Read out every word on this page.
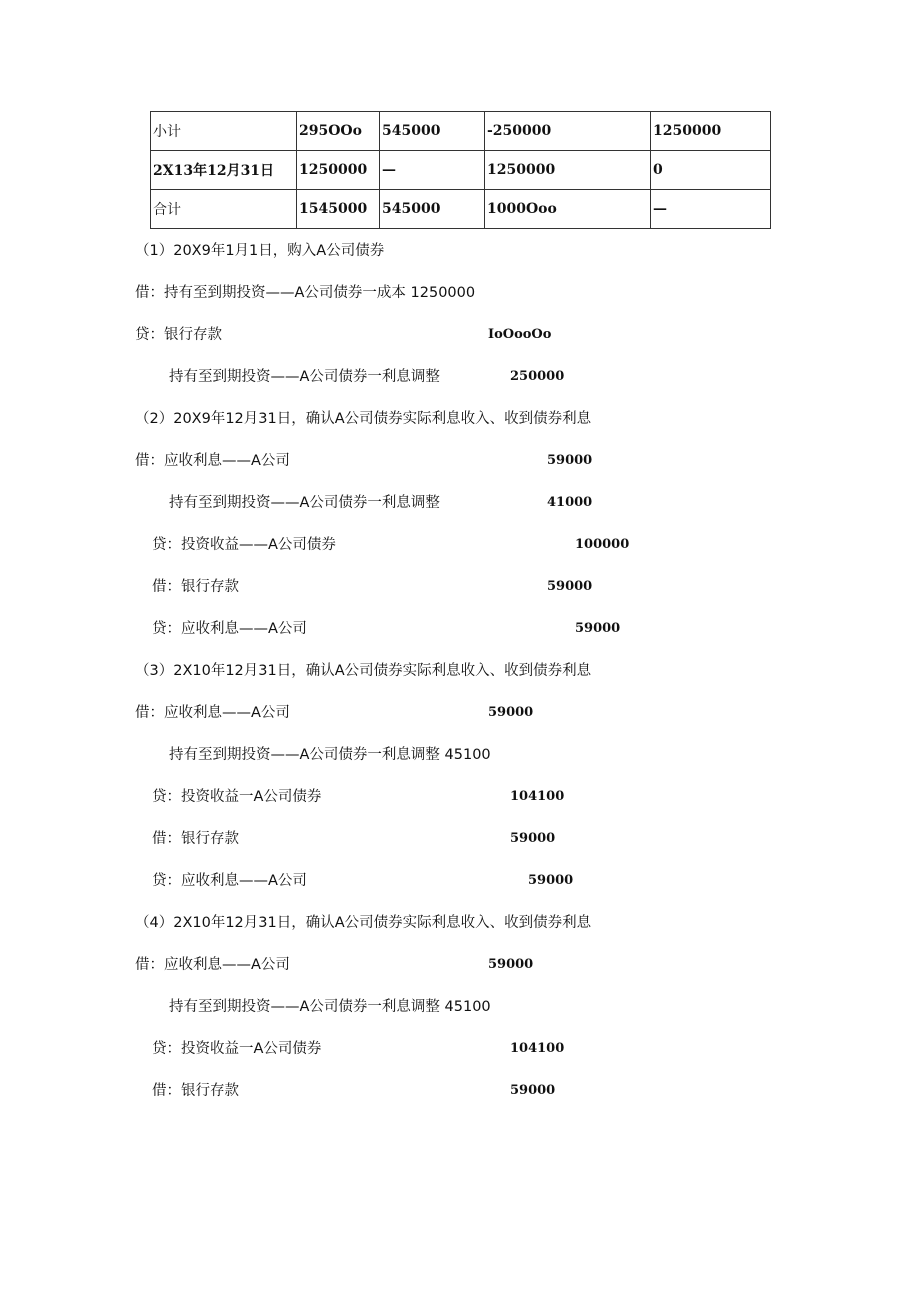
小计	295OOo	545000	-250000	1250000
2X13年12月31日	1250000	—	1250000	0
合计	1545000	545000	1000Ooo	—
（1）20X9年1月1日，购入A公司债券
借：持有至到期投资——A公司债券一成本 1250000
贷：银行存款	IoOooOo
持有至到期投资——A公司债券一利息调整	250000
（2）20X9年12月31日，确认A公司债券实际利息收入、收到债券利息
借：应收利息——A公司	59000
持有至到期投资——A公司债券一利息调整	41000
贷：投资收益——A公司债券	100000
借：银行存款	59000
贷：应收利息——A公司	59000
（3）2X10年12月31日，确认A公司债券实际利息收入、收到债券利息
借：应收利息——A公司	59000
持有至到期投资——A公司债券一利息调整 45100
贷：投资收益一A公司债券	104100
借：银行存款	59000
贷：应收利息——A公司	59000
（4）2X10年12月31日，确认A公司债券实际利息收入、收到债券利息
借：应收利息——A公司	59000
持有至到期投资——A公司债券一利息调整 45100
贷：投资收益一A公司债券	104100
借：银行存款	59000
